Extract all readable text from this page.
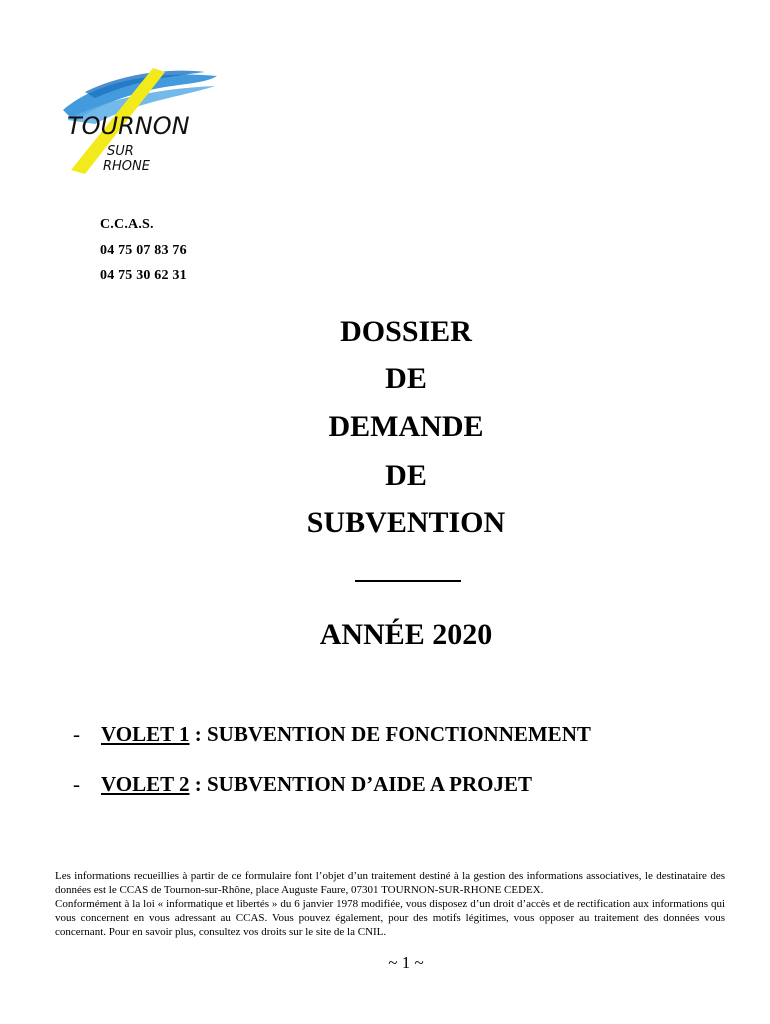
TOURNON
SUR
RHONE
C.C.A.S.
04 75 07 83 76
04 75 30 62 31
DOSSIER
DE
DEMANDE
DE
SUBVENTION
ANNÉE 2020
- VOLET 1 : SUBVENTION DE FONCTIONNEMENT
- VOLET 2 : SUBVENTION D’AIDE A PROJET

Les informations recueillies à partir de ce formulaire font l’objet d’un traitement destiné à la gestion des informations associatives, le destinataire des données est le CCAS de Tournon-sur-Rhône, place Auguste Faure, 07301 TOURNON-SUR-RHONE CEDEX.

Conformément à la loi « informatique et libertés » du 6 janvier 1978 modifiée, vous disposez d’un droit d’accès et de rectification aux informations qui vous concernent en vous adressant au CCAS. Vous pouvez également, pour des motifs légitimes, vous opposer au traitement des données vous concernant. Pour en savoir plus, consultez vos droits sur le site de la CNIL.

~ 1 ~
